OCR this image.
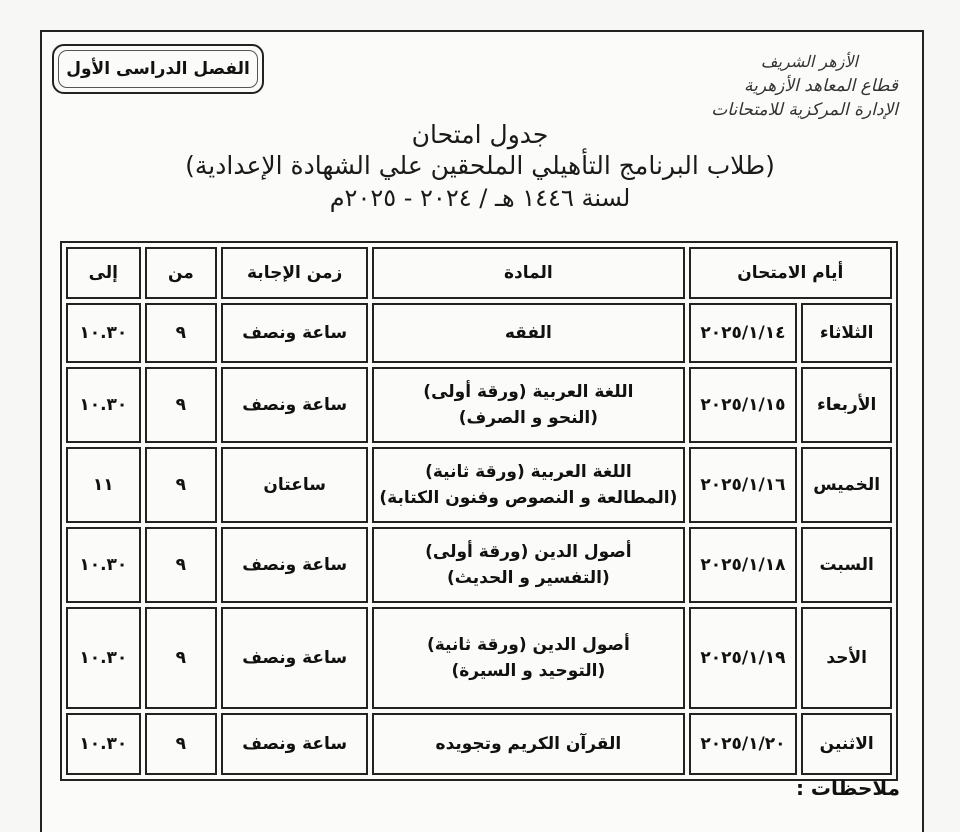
الفصل الدراسى الأول	الأزهر الشريف
قطاع المعاهد الأزهرية
الإدارة المركزية للامتحانات
جدول امتحان
(طلاب البرنامج التأهيلي الملحقين علي الشهادة الإعدادية)
لسنة ١٤٤٦ هـ / ٢٠٢٤ - ٢٠٢٥م
أيام الامتحان		المادة	زمن الإجابة	من	إلى
الثلاثاء	٢٠٢٥/١/١٤	الفقه	ساعة ونصف	٩	١٠.٣٠
الأربعاء	٢٠٢٥/١/١٥	اللغة العربية (ورقة أولى)
(النحو و الصرف)	ساعة ونصف	٩	١٠.٣٠
الخميس	٢٠٢٥/١/١٦	اللغة العربية (ورقة ثانية)
(المطالعة و النصوص وفنون الكتابة)	ساعتان	٩	١١
السبت	٢٠٢٥/١/١٨	أصول الدين (ورقة أولى)
(التفسير و الحديث)	ساعة ونصف	٩	١٠.٣٠
الأحد	٢٠٢٥/١/١٩	أصول الدين (ورقة ثانية)
(التوحيد و السيرة)	ساعة ونصف	٩	١٠.٣٠
الاثنين	٢٠٢٥/١/٢٠	القرآن الكريم وتجويده	ساعة ونصف	٩	١٠.٣٠
ملاحظات :
